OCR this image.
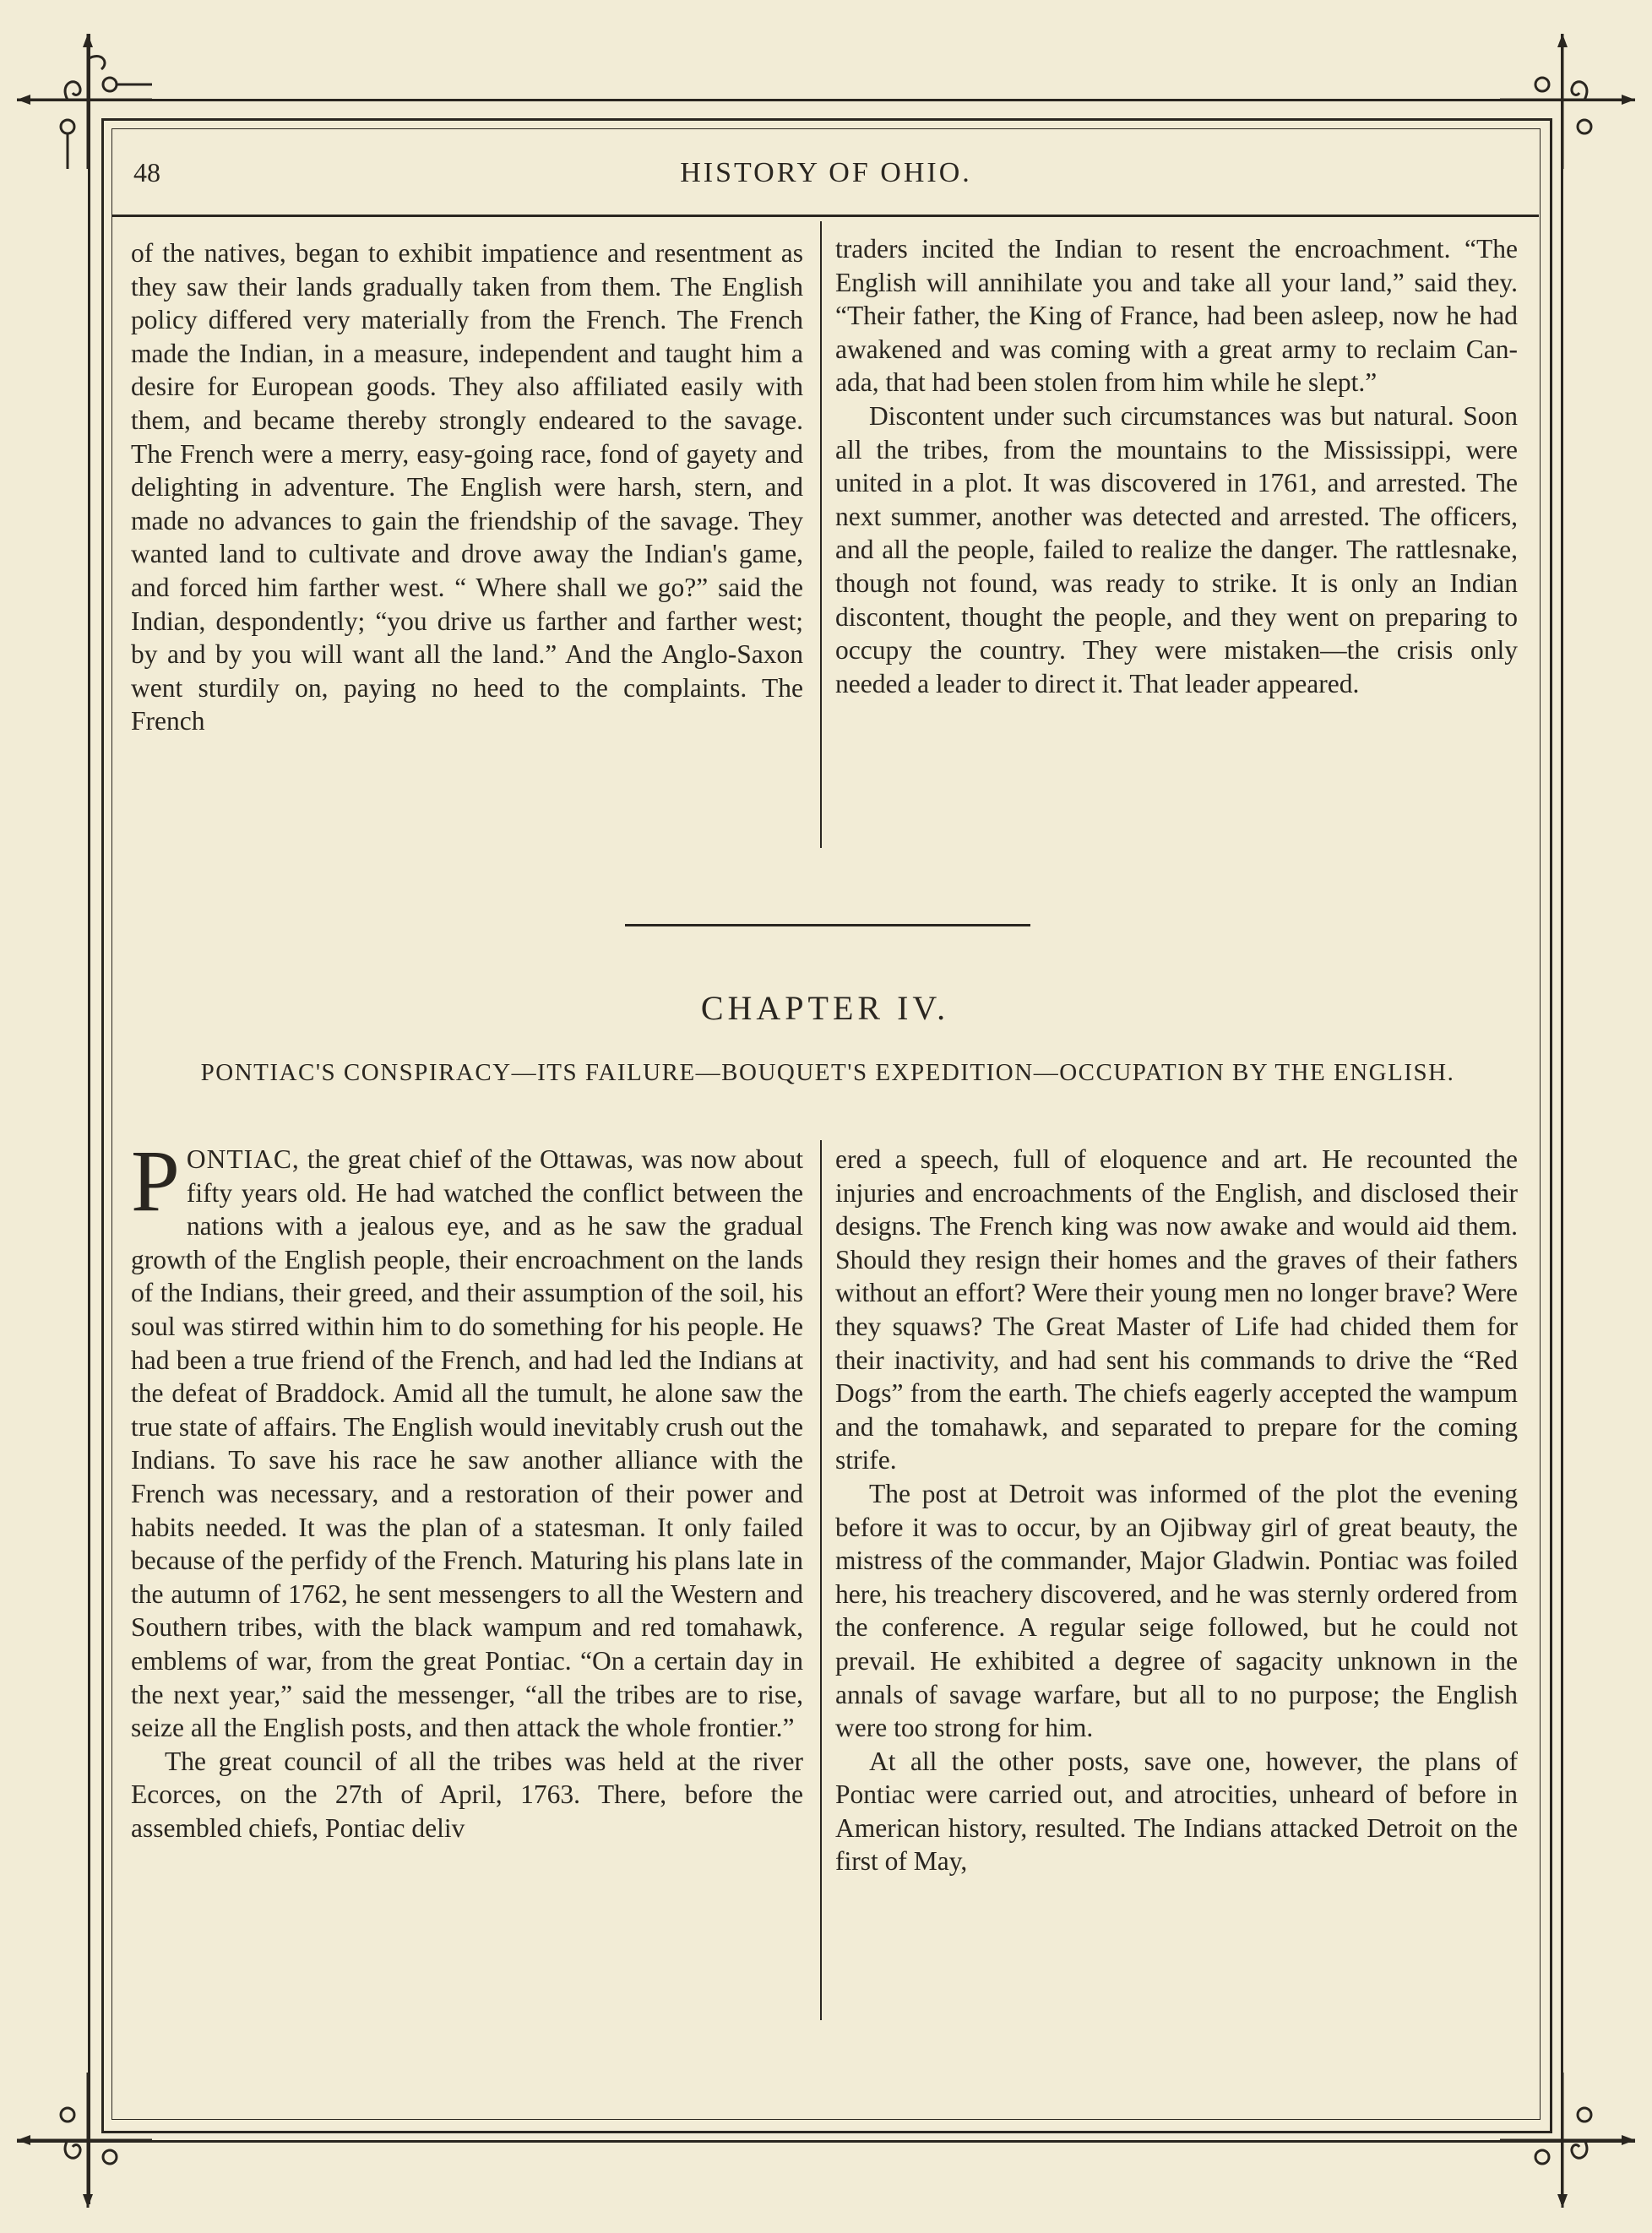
48	HISTORY OF OHIO.

of the natives, began to exhibit impatience and resentment as they saw their lands gradually taken from them. The English policy differed very materially from the French. The French made the Indian, in a measure, independent and taught him a desire for European goods. They also affiliated easily with them, and became thereby strongly endeared to the savage. The French were a merry, easy-going race, fond of gayety and delighting in adventure. The English were harsh, stern, and made no advances to gain the friendship of the savage. They wanted land to cultivate and drove away the Indian's game, and forced him farther west. “ Where shall we go?” said the Indian, despondently; “you drive us farther and farther west; by and by you will want all the land.” And the Anglo-Saxon went sturdily on, paying no heed to the complaints. The French

traders incited the Indian to resent the encroachment. “The English will annihilate you and take all your land,” said they. “Their father, the King of France, had been asleep, now he had awakened and was coming with a great army to reclaim Canada, that had been stolen from him while he slept.”

Discontent under such circumstances was but natural. Soon all the tribes, from the mountains to the Mississippi, were united in a plot. It was discovered in 1761, and arrested. The next summer, another was detected and arrested. The officers, and all the people, failed to realize the danger. The rattlesnake, though not found, was ready to strike. It is only an Indian discontent, thought the people, and they went on preparing to occupy the country. They were mistaken—the crisis only needed a leader to direct it. That leader appeared.

CHAPTER IV.
PONTIAC'S CONSPIRACY—ITS FAILURE—BOUQUET'S EXPEDITION—OCCUPATION BY THE ENGLISH.

PONTIAC, the great chief of the Ottawas, was now about fifty years old. He had watched the conflict between the nations with a jealous eye, and as he saw the gradual growth of the English people, their encroachment on the lands of the Indians, their greed, and their assumption of the soil, his soul was stirred within him to do something for his people. He had been a true friend of the French, and had led the Indians at the defeat of Braddock. Amid all the tumult, he alone saw the true state of affairs. The English would inevitably crush out the Indians. To save his race he saw another alliance with the French was necessary, and a restoration of their power and habits needed. It was the plan of a statesman. It only failed because of the perfidy of the French. Maturing his plans late in the autumn of 1762, he sent messengers to all the Western and Southern tribes, with the black wampum and red tomahawk, emblems of war, from the great Pontiac. “On a certain day in the next year,” said the messenger, “all the tribes are to rise, seize all the English posts, and then attack the whole frontier.”

The great council of all the tribes was held at the river Ecorces, on the 27th of April, 1763. There, before the assembled chiefs, Pontiac deliv

ered a speech, full of eloquence and art. He recounted the injuries and encroachments of the English, and disclosed their designs. The French king was now awake and would aid them. Should they resign their homes and the graves of their fathers without an effort? Were their young men no longer brave? Were they squaws? The Great Master of Life had chided them for their inactivity, and had sent his commands to drive the “Red Dogs” from the earth. The chiefs eagerly accepted the wampum and the tomahawk, and separated to prepare for the coming strife.

The post at Detroit was informed of the plot the evening before it was to occur, by an Ojibway girl of great beauty, the mistress of the commander, Major Gladwin. Pontiac was foiled here, his treachery discovered, and he was sternly ordered from the conference. A regular seige followed, but he could not prevail. He exhibited a degree of sagacity unknown in the annals of savage warfare, but all to no purpose; the English were too strong for him.

At all the other posts, save one, however, the plans of Pontiac were carried out, and atrocities, unheard of before in American history, resulted. The Indians attacked Detroit on the first of May,
